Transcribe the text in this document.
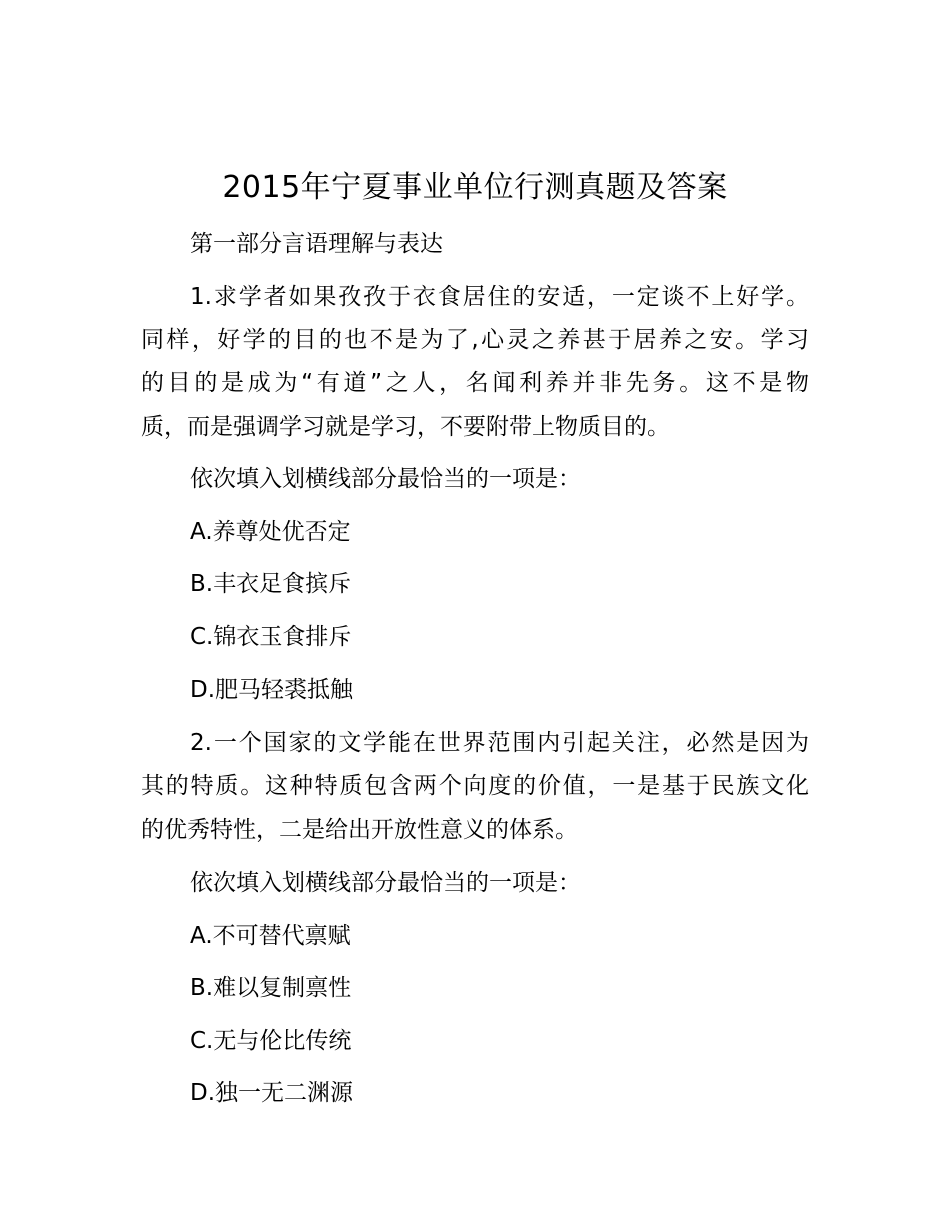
2015年宁夏事业单位行测真题及答案
第一部分言语理解与表达
1.求学者如果孜孜于衣食居住的安适，一定谈不上好学。
同样，好学的目的也不是为了,心灵之养甚于居养之安。学习
的目的是成为“有道”之人，名闻利养并非先务。这不是物
质，而是强调学习就是学习，不要附带上物质目的。
依次填入划横线部分最恰当的一项是：
A.养尊处优否定
B.丰衣足食摈斥
C.锦衣玉食排斥
D.肥马轻裘抵触
2.一个国家的文学能在世界范围内引起关注，必然是因为
其的特质。这种特质包含两个向度的价值，一是基于民族文化
的优秀特性，二是给出开放性意义的体系。
依次填入划横线部分最恰当的一项是：
A.不可替代禀赋
B.难以复制禀性
C.无与伦比传统
D.独一无二渊源
